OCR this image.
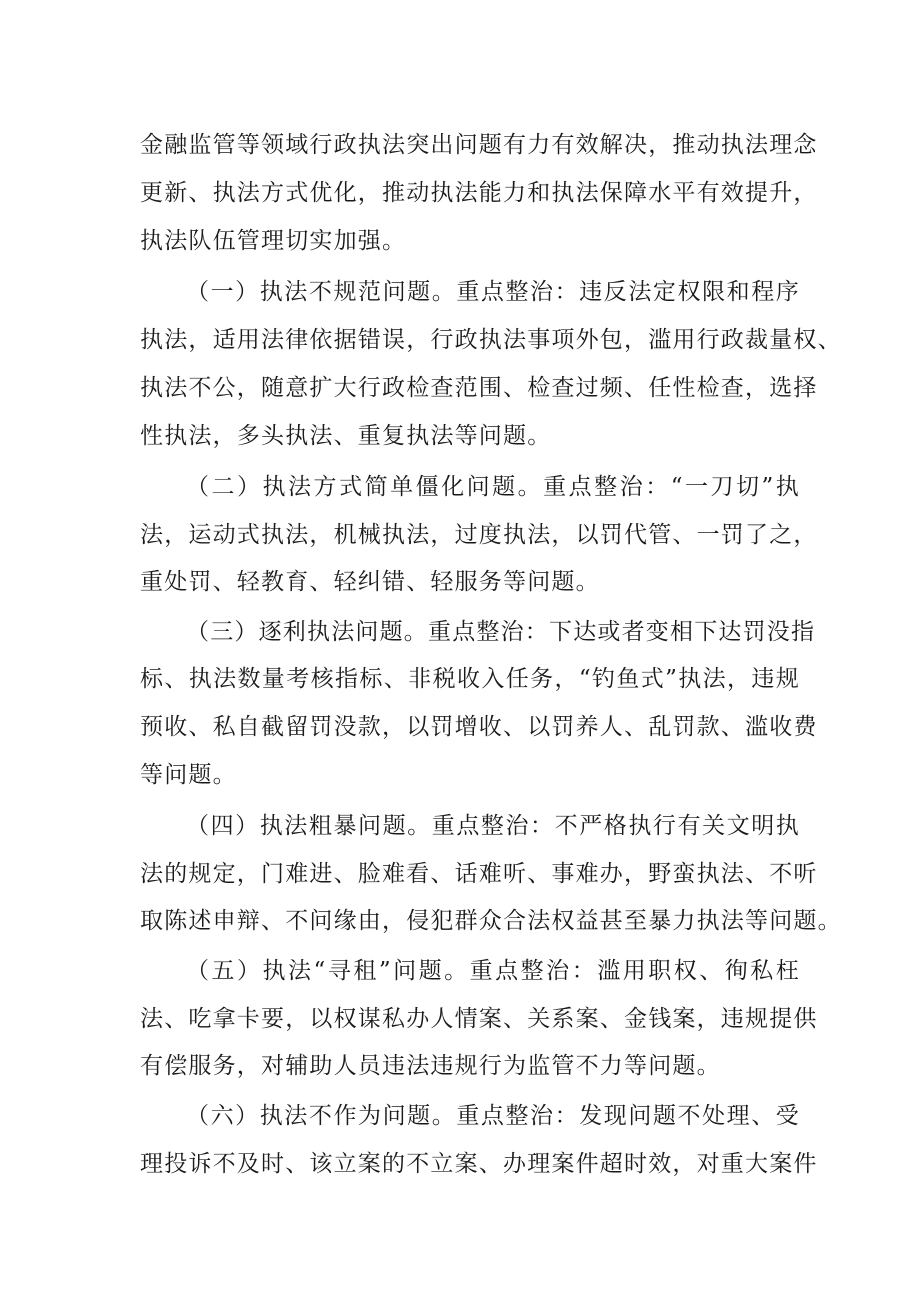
金融监管等领域行政执法突出问题有力有效解决，推动执法理念
更新、执法方式优化，推动执法能力和执法保障水平有效提升，
执法队伍管理切实加强。
（一）执法不规范问题。重点整治：违反法定权限和程序
执法，适用法律依据错误，行政执法事项外包，滥用行政裁量权、
执法不公，随意扩大行政检查范围、检查过频、任性检查，选择
性执法，多头执法、重复执法等问题。
（二）执法方式简单僵化问题。重点整治：“一刀切”执
法，运动式执法，机械执法，过度执法，以罚代管、一罚了之，
重处罚、轻教育、轻纠错、轻服务等问题。
（三）逐利执法问题。重点整治：下达或者变相下达罚没指
标、执法数量考核指标、非税收入任务，“钓鱼式”执法，违规
预收、私自截留罚没款，以罚增收、以罚养人、乱罚款、滥收费
等问题。
（四）执法粗暴问题。重点整治：不严格执行有关文明执
法的规定，门难进、脸难看、话难听、事难办，野蛮执法、不听
取陈述申辩、不问缘由，侵犯群众合法权益甚至暴力执法等问题。
（五）执法“寻租”问题。重点整治：滥用职权、徇私枉
法、吃拿卡要，以权谋私办人情案、关系案、金钱案，违规提供
有偿服务，对辅助人员违法违规行为监管不力等问题。
（六）执法不作为问题。重点整治：发现问题不处理、受
理投诉不及时、该立案的不立案、办理案件超时效，对重大案件
